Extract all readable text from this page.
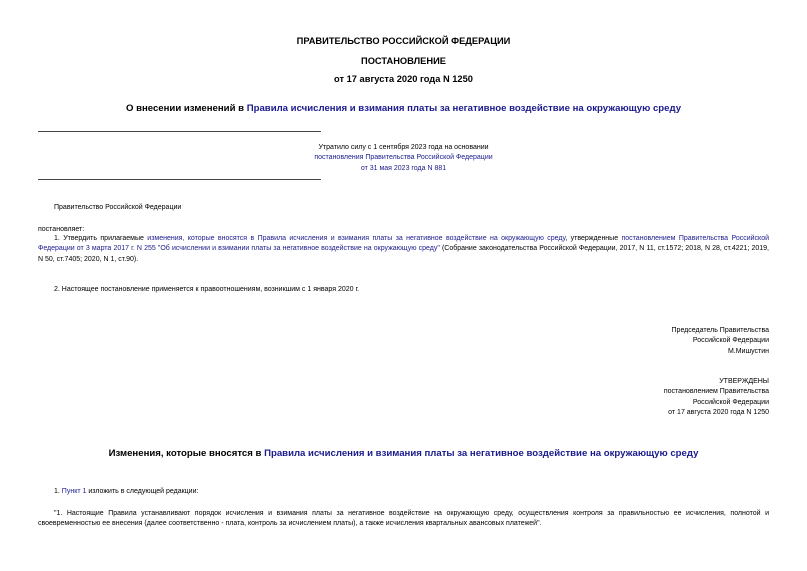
ПРАВИТЕЛЬСТВО РОССИЙСКОЙ ФЕДЕРАЦИИ
ПОСТАНОВЛЕНИЕ
от 17 августа 2020 года N 1250
О внесении изменений в Правила исчисления и взимания платы за негативное воздействие на окружающую среду
Утратило силу с 1 сентября 2023 года на основании
постановления Правительства Российской Федерации
от 31 мая 2023 года N 881
Правительство Российской Федерации
постановляет:
1. Утвердить прилагаемые изменения, которые вносятся в Правила исчисления и взимания платы за негативное воздействие на окружающую среду, утвержденные постановлением Правительства Российской Федерации от 3 марта 2017 г. N 255 "Об исчислении и взимании платы за негативное воздействие на окружающую среду" (Собрание законодательства Российской Федерации, 2017, N 11, ст.1572; 2018, N 28, ст.4221; 2019, N 50, ст.7405; 2020, N 1, ст.90).
2. Настоящее постановление применяется к правоотношениям, возникшим с 1 января 2020 г.
Председатель Правительства
Российской Федерации
М.Мишустин
УТВЕРЖДЕНЫ
постановлением Правительства
Российской Федерации
от 17 августа 2020 года N 1250
Изменения, которые вносятся в Правила исчисления и взимания платы за негативное воздействие на окружающую среду
1. Пункт 1 изложить в следующей редакции:
"1. Настоящие Правила устанавливают порядок исчисления и взимания платы за негативное воздействие на окружающую среду, осуществления контроля за правильностью ее исчисления, полнотой и своевременностью ее внесения (далее соответственно - плата, контроль за исчислением платы), а также исчисления квартальных авансовых платежей".
